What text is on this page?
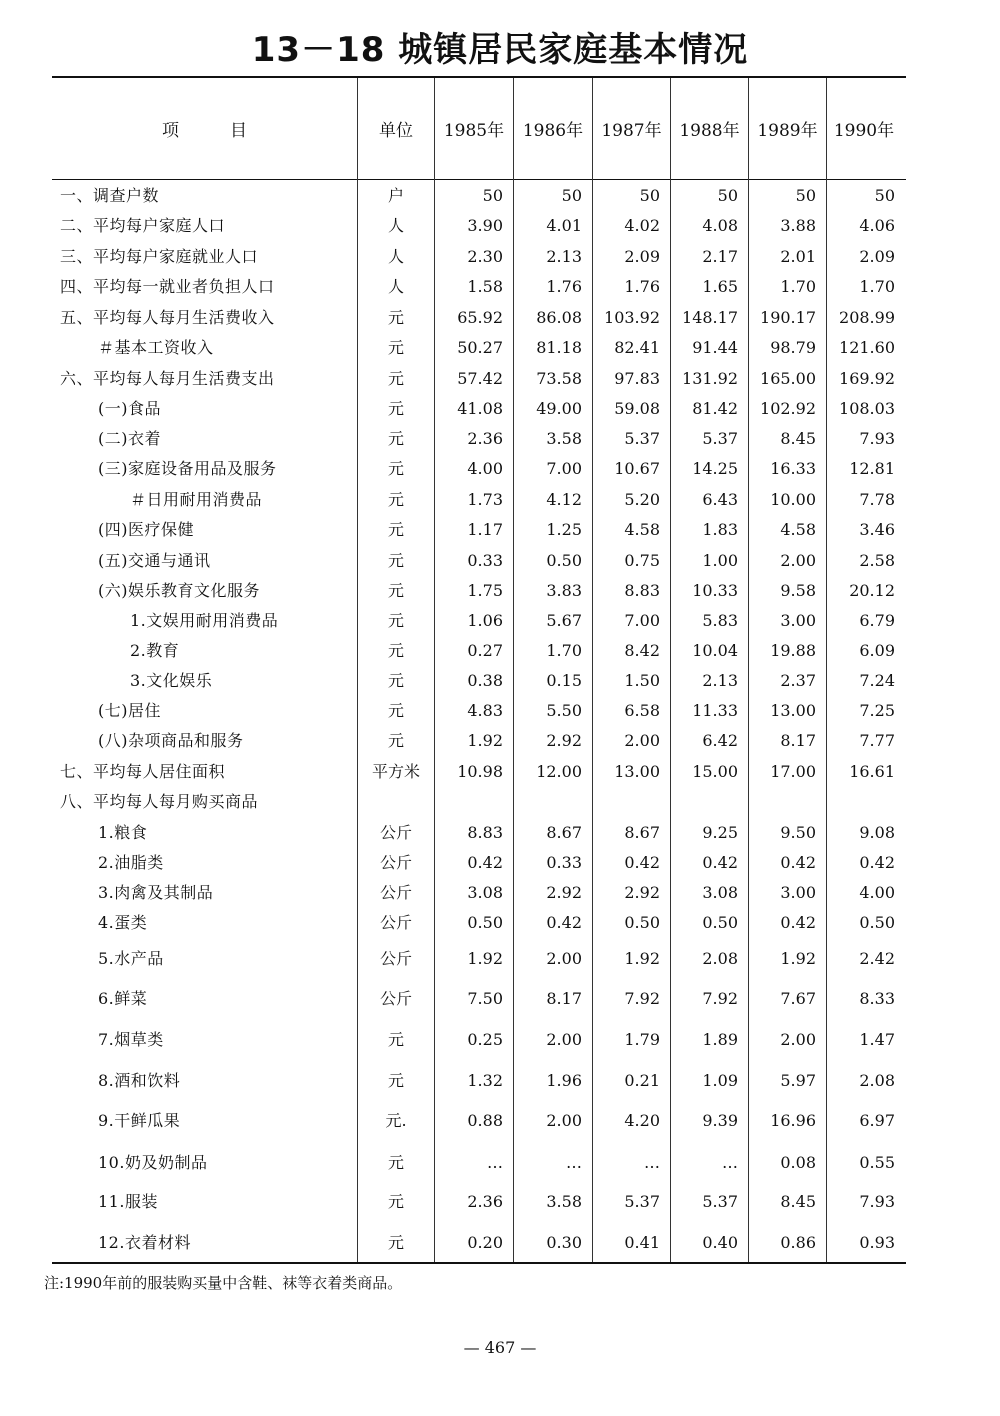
13－18 城镇居民家庭基本情况
项　　　目	单位	1985年	1986年	1987年	1988年	1989年 1990年
一、调查户数	户	50	50	50	50	50	50
二、平均每户家庭人口	人	3.90	4.01	4.02	4.08	3.88	4.06
三、平均每户家庭就业人口	人	2.30	2.13	2.09	2.17	2.01	2.09
四、平均每一就业者负担人口	人	1.58	1.76	1.76	1.65	1.70	1.70
五、平均每人每月生活费收入	元	65.92	86.08	103.92	148.17	190.17	208.99
＃基本工资收入	元	50.27	81.18	82.41	91.44	98.79	121.60
六、平均每人每月生活费支出	元	57.42	73.58	97.83	131.92	165.00	169.92
(一)食品	元	41.08	49.00	59.08	81.42	102.92	108.03
(二)衣着	元	2.36	3.58	5.37	5.37	8.45	7.93
(三)家庭设备用品及服务	元	4.00	7.00	10.67	14.25	16.33	12.81
＃日用耐用消费品	元	1.73	4.12	5.20	6.43	10.00	7.78
(四)医疗保健	元	1.17	1.25	4.58	1.83	4.58	3.46
(五)交通与通讯	元	0.33	0.50	0.75	1.00	2.00	2.58
(六)娱乐教育文化服务	元	1.75	3.83	8.83	10.33	9.58	20.12
1.文娱用耐用消费品	元	1.06	5.67	7.00	5.83	3.00	6.79
2.教育	元	0.27	1.70	8.42	10.04	19.88	6.09
3.文化娱乐	元	0.38	0.15	1.50	2.13	2.37	7.24
(七)居住	元	4.83	5.50	6.58	11.33	13.00	7.25
(八)杂项商品和服务	元	1.92	2.92	2.00	6.42	8.17	7.77
七、平均每人居住面积	平方米	10.98	12.00	13.00	15.00	17.00	16.61
八、平均每人每月购买商品
1.粮食	公斤	8.83	8.67	8.67	9.25	9.50	9.08
2.油脂类	公斤	0.42	0.33	0.42	0.42	0.42	0.42
3.肉禽及其制品	公斤	3.08	2.92	2.92	3.08	3.00	4.00
4.蛋类	公斤	0.50	0.42	0.50	0.50	0.42	0.50
5.水产品	公斤	1.92	2.00	1.92	2.08	1.92	2.42
6.鲜菜	公斤	7.50	8.17	7.92	7.92	7.67	8.33
7.烟草类	元	0.25	2.00	1.79	1.89	2.00	1.47
8.酒和饮料	元	1.32	1.96	0.21	1.09	5.97	2.08
9.干鲜瓜果	元.	0.88	2.00	4.20	9.39	16.96	6.97
10.奶及奶制品	元	…	…	…	…	0.08	0.55
11.服装	元	2.36	3.58	5.37	5.37	8.45	7.93
12.衣着材料	元	0.20	0.30	0.41	0.40	0.86	0.93
注:1990年前的服装购买量中含鞋、袜等衣着类商品。
— 467 —
